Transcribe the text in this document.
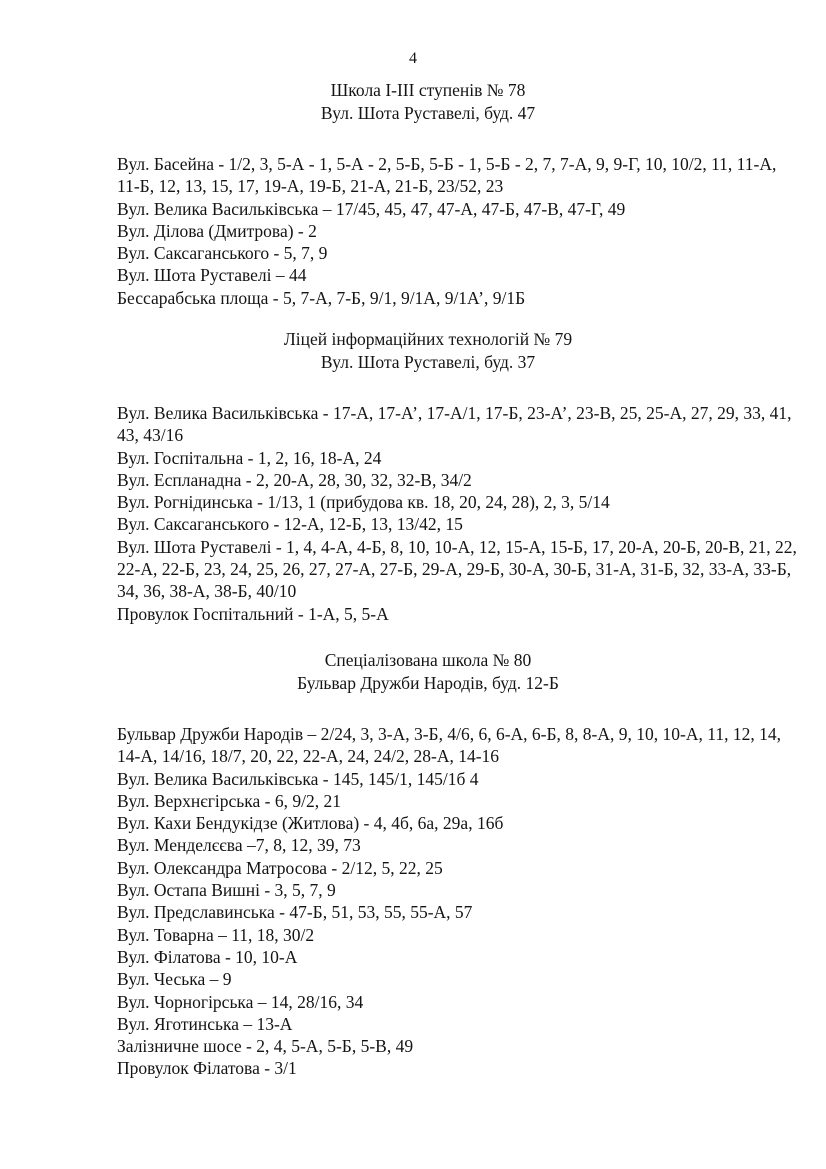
4
Школа І-ІІІ ступенів № 78
Вул. Шота Руставелі, буд. 47
Вул. Басейна - 1/2, 3, 5-А - 1, 5-А - 2, 5-Б, 5-Б - 1, 5-Б - 2, 7, 7-А, 9, 9-Г, 10, 10/2, 11, 11-А, 11-Б, 12, 13, 15, 17, 19-А, 19-Б, 21-А, 21-Б, 23/52, 23
Вул. Велика Васильківська – 17/45, 45, 47, 47-А, 47-Б, 47-В, 47-Г, 49
Вул. Ділова (Дмитрова) - 2
Вул. Саксаганського - 5, 7, 9
Вул. Шота Руставелі – 44
Бессарабська площа - 5, 7-А, 7-Б, 9/1, 9/1А, 9/1А’, 9/1Б
Ліцей інформаційних технологій № 79
Вул. Шота Руставелі, буд. 37
Вул. Велика Васильківська - 17-А, 17-А’, 17-А/1, 17-Б, 23-А’, 23-В, 25, 25-А, 27, 29, 33, 41, 43, 43/16
Вул. Госпітальна - 1, 2, 16, 18-А, 24
Вул. Еспланадна - 2, 20-А, 28, 30, 32, 32-В, 34/2
Вул. Рогнідинська - 1/13, 1 (прибудова кв. 18, 20, 24, 28), 2, 3, 5/14
Вул. Саксаганського - 12-А, 12-Б, 13, 13/42, 15
Вул. Шота Руставелі - 1, 4, 4-А, 4-Б, 8, 10, 10-А, 12, 15-А, 15-Б, 17, 20-А, 20-Б, 20-В, 21, 22, 22-А, 22-Б, 23, 24, 25, 26, 27, 27-А, 27-Б, 29-А, 29-Б, 30-А, 30-Б, 31-А, 31-Б, 32, 33-А, 33-Б, 34, 36, 38-А, 38-Б, 40/10
Провулок Госпітальний - 1-А, 5, 5-А
Спеціалізована школа № 80
Бульвар Дружби Народів, буд. 12-Б
Бульвар Дружби Народів – 2/24, 3, 3-А, 3-Б, 4/6, 6, 6-А, 6-Б, 8, 8-А, 9, 10, 10-А, 11, 12, 14, 14-А, 14/16, 18/7, 20, 22, 22-А, 24, 24/2, 28-А, 14-16
Вул. Велика Васильківська - 145, 145/1, 145/1б 4
Вул. Верхнєгірська - 6, 9/2, 21
Вул. Кахи Бендукідзе (Житлова) - 4, 4б, 6а, 29а, 16б
Вул. Менделєєва –7, 8, 12, 39, 73
Вул. Олександра Матросова - 2/12, 5, 22, 25
Вул. Остапа Вишні - 3, 5, 7, 9
Вул. Предславинська - 47-Б, 51, 53, 55, 55-А, 57
Вул. Товарна – 11, 18, 30/2
Вул. Філатова - 10, 10-А
Вул. Чеська – 9
Вул. Чорногірська – 14, 28/16, 34
Вул. Яготинська – 13-А
Залізничне шосе - 2, 4, 5-А, 5-Б, 5-В, 49
Провулок Філатова - 3/1
